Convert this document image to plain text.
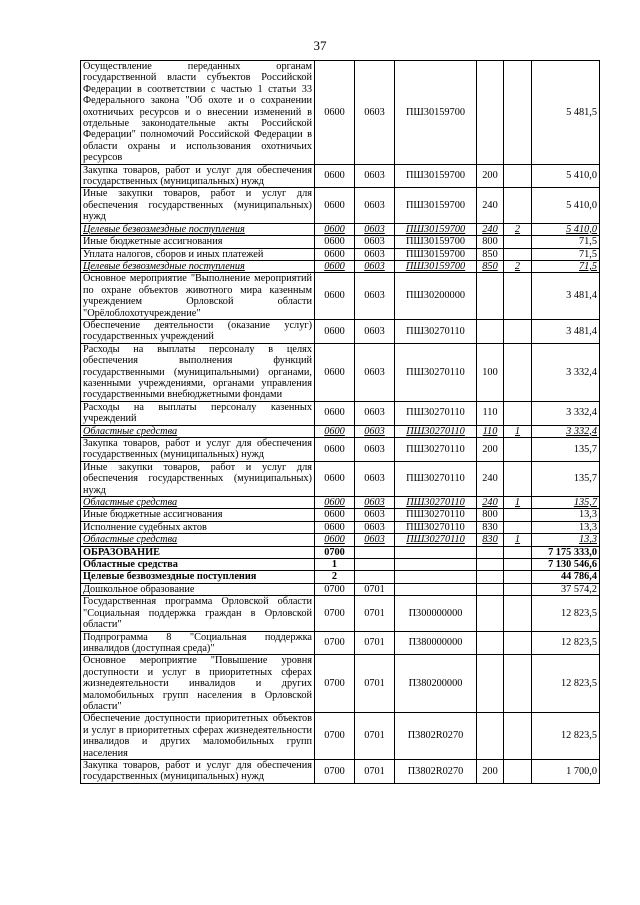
37
Осуществление переданных органам государственной власти субъектов Российской Федерации в соответствии с частью 1 статьи 33 Федерального закона "Об охоте и о сохранении охотничьих ресурсов и о внесении изменений в отдельные законодательные акты Российской Федерации" полномочий Российской Федерации в области охраны и использования охотничьих ресурсов	0600	0603	ПШ30159700			5 481,5
Закупка товаров, работ и услуг для обеспечения государственных (муниципальных) нужд	0600	0603	ПШ30159700	200		5 410,0
Иные закупки товаров, работ и услуг для обеспечения государственных (муниципальных) нужд	0600	0603	ПШ30159700	240		5 410,0
Целевые безвозмездные поступления	0600	0603	ПШ30159700	240	2	5 410,0
Иные бюджетные ассигнования	0600	0603	ПШ30159700	800		71,5
Уплата налогов, сборов и иных платежей	0600	0603	ПШ30159700	850		71,5
Целевые безвозмездные поступления	0600	0603	ПШ30159700	850	2	71,5
Основное мероприятие "Выполнение мероприятий по охране объектов животного мира казенным учреждением Орловской области "Орёлоблохотучреждение"	0600	0603	ПШ30200000			3 481,4
Обеспечение деятельности (оказание услуг) государственных учреждений	0600	0603	ПШ30270110			3 481,4
Расходы на выплаты персоналу в целях обеспечения выполнения функций государственными (муниципальными) органами, казенными учреждениями, органами управления государственными внебюджетными фондами	0600	0603	ПШ30270110	100		3 332,4
Расходы на выплаты персоналу казенных учреждений	0600	0603	ПШ30270110	110		3 332,4
Областные средства	0600	0603	ПШ30270110	110	1	3 332,4
Закупка товаров, работ и услуг для обеспечения государственных (муниципальных) нужд	0600	0603	ПШ30270110	200		135,7
Иные закупки товаров, работ и услуг для обеспечения государственных (муниципальных) нужд	0600	0603	ПШ30270110	240		135,7
Областные средства	0600	0603	ПШ30270110	240	1	135,7
Иные бюджетные ассигнования	0600	0603	ПШ30270110	800		13,3
Исполнение судебных актов	0600	0603	ПШ30270110	830		13,3
Областные средства	0600	0603	ПШ30270110	830	1	13,3
ОБРАЗОВАНИЕ	0700					7 175 333,0
Областные средства	1					7 130 546,6
Целевые безвозмездные поступления	2					44 786,4
Дошкольное образование	0700	0701				37 574,2
Государственная программа Орловской области "Социальная поддержка граждан в Орловской области"	0700	0701	П300000000			12 823,5
Подпрограмма 8 "Социальная поддержка инвалидов (доступная среда)"	0700	0701	П380000000			12 823,5
Основное мероприятие "Повышение уровня доступности и услуг в приоритетных сферах жизнедеятельности инвалидов и других маломобильных групп населения в Орловской области"	0700	0701	П380200000			12 823,5
Обеспечение доступности приоритетных объектов и услуг в приоритетных сферах жизнедеятельности инвалидов и других маломобильных групп населения	0700	0701	П3802R0270			12 823,5
Закупка товаров, работ и услуг для обеспечения государственных (муниципальных) нужд	0700	0701	П3802R0270	200		1 700,0
